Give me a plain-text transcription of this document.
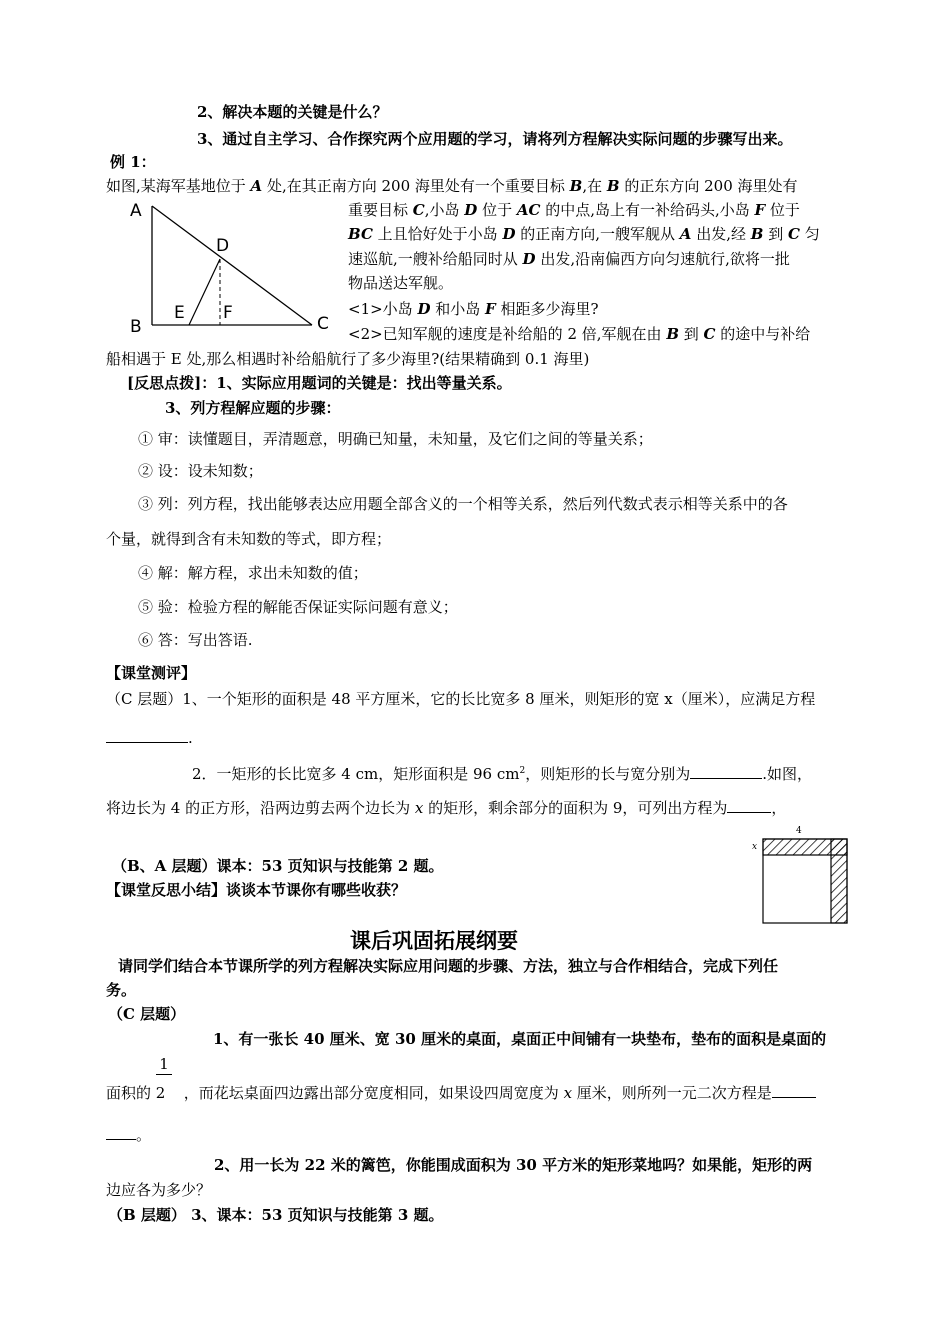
2、解决本题的关键是什么？
3、通过自主学习、合作探究两个应用题的学习，请将列方程解决实际问题的步骤写出来。
例 1：
如图,某海军基地位于 A 处,在其正南方向 200 海里处有一个重要目标 B,在 B 的正东方向 200 海里处有
A
B	C
D
E F
重要目标 C,小岛 D 位于 AC 的中点,岛上有一补给码头,小岛 F 位于
BC 上且恰好处于小岛 D 的正南方向,一艘军舰从 A 出发,经 B 到 C 匀
速巡航,一艘补给船同时从 D 出发,沿南偏西方向匀速航行,欲将一批
物品送达军舰。
<1>小岛 D 和小岛 F 相距多少海里?
<2>已知军舰的速度是补给船的 2 倍,军舰在由 B 到 C 的途中与补给
船相遇于 E 处,那么相遇时补给船航行了多少海里?(结果精确到 0.1 海里)
[反思点拨]：1、实际应用题词的关键是：找出等量关系。
3、列方程解应题的步骤：
① 审：读懂题目，弄清题意，明确已知量，未知量，及它们之间的等量关系；
② 设：设未知数；
③ 列：列方程，找出能够表达应用题全部含义的一个相等关系，然后列代数式表示相等关系中的各
个量，就得到含有未知数的等式，即方程；
④ 解：解方程，求出未知数的值；
⑤ 验：检验方程的解能否保证实际问题有意义；
⑥ 答：写出答语.
【课堂测评】
（C 层题）1、一个矩形的面积是 48 平方厘米，它的长比宽多 8 厘米，则矩形的宽 x（厘米），应满足方程
.
2．一矩形的长比宽多 4 cm，矩形面积是 96 $cm^2$，则矩形的长与宽分别为	.如图，
将边长为 4 的正方形，沿两边剪去两个边长为 x 的矩形，剩余部分的面积为 9，可列出方程为	，
（B、A 层题）课本：53 页知识与技能第 2 题。
【课堂反思小结】谈谈本节课你有哪些收获？
4
x
课后巩固拓展纲要
请同学们结合本节课所学的列方程解决实际应用问题的步骤、方法，独立与合作相结合，完成下列任
务。
（C 层题）
1、有一张长 40 厘米、宽 30 厘米的桌面，桌面正中间铺有一块垫布，垫布的面积是桌面的
1
面积的 2 ，而花坛桌面四边露出部分宽度相同，如果设四周宽度为 x 厘米，则所列一元二次方程是
。
2、用一长为 22 米的篱笆，你能围成面积为 30 平方米的矩形菜地吗？如果能，矩形的两
边应各为多少？
（B 层题） 3、课本：53 页知识与技能第 3 题。
